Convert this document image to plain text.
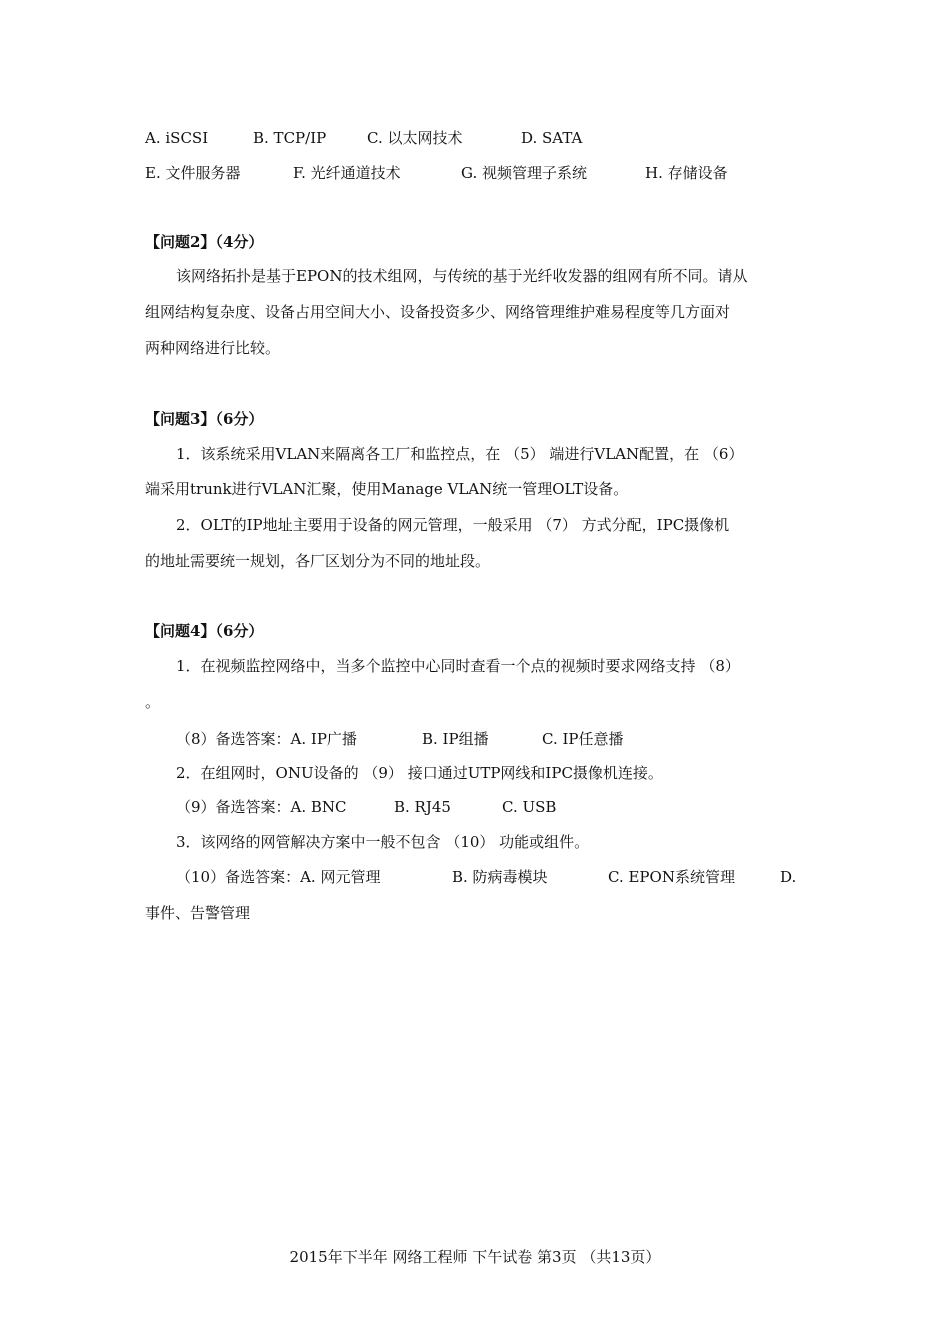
A. iSCSI	B. TCP/IP	C. 以太网技术	D. SATA
E. 文件服务器	F. 光纤通道技术	G. 视频管理子系统	H. 存储设备
【问题2】（4分）
该网络拓扑是基于EPON的技术组网，与传统的基于光纤收发器的组网有所不同。请从
组网结构复杂度、设备占用空间大小、设备投资多少、网络管理维护难易程度等几方面对
两种网络进行比较。
【问题3】（6分）
1．该系统采用VLAN来隔离各工厂和监控点，在 （5） 端进行VLAN配置，在 （6）
端采用trunk进行VLAN汇聚，使用Manage VLAN统一管理OLT设备。
2．OLT的IP地址主要用于设备的网元管理，一般采用 （7） 方式分配，IPC摄像机
的地址需要统一规划，各厂区划分为不同的地址段。
【问题4】（6分）
1．在视频监控网络中，当多个监控中心同时查看一个点的视频时要求网络支持 （8）
。
（8）备选答案：A. IP广播	B. IP组播	C. IP任意播
2．在组网时，ONU设备的 （9） 接口通过UTP网线和IPC摄像机连接。
（9）备选答案：A. BNC	B. RJ45	C. USB
3．该网络的网管解决方案中一般不包含 （10） 功能或组件。
（10）备选答案：A. 网元管理	B. 防病毒模块	C. EPON系统管理	D.
事件、告警管理
2015年下半年 网络工程师 下午试卷 第3页 （共13页）
